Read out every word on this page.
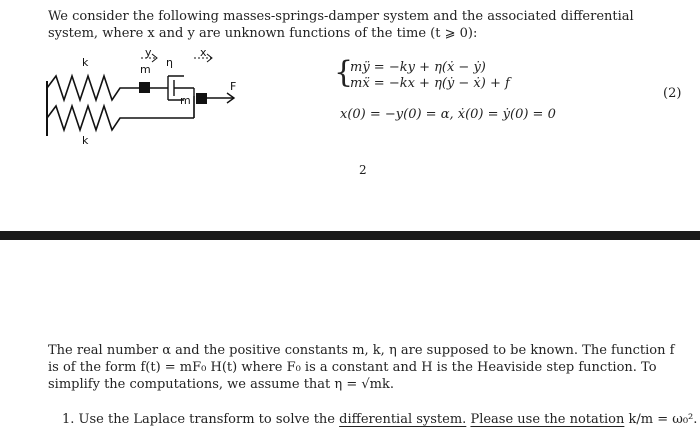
We consider the following masses-springs-damper system and the associated differential system, where x and y are unknown functions of the time (t ⩾ 0):
k
m
η
y	x
m
F
k
{
mÿ = −ky + η(ẋ − ẏ)
mẍ = −kx + η(ẏ − ẋ) + f
x(0) = −y(0) = α, ẋ(0) = ẏ(0) = 0
(2)
2
The real number α and the positive constants m, k, η are supposed to be known. The function f is of the form f(t) = mF₀ H(t) where F₀ is a constant and H is the Heaviside step function. To simplify the computations, we assume that η = √mk.
1. Use the Laplace transform to solve the differential system. Please use the notation k/m = ω₀².
